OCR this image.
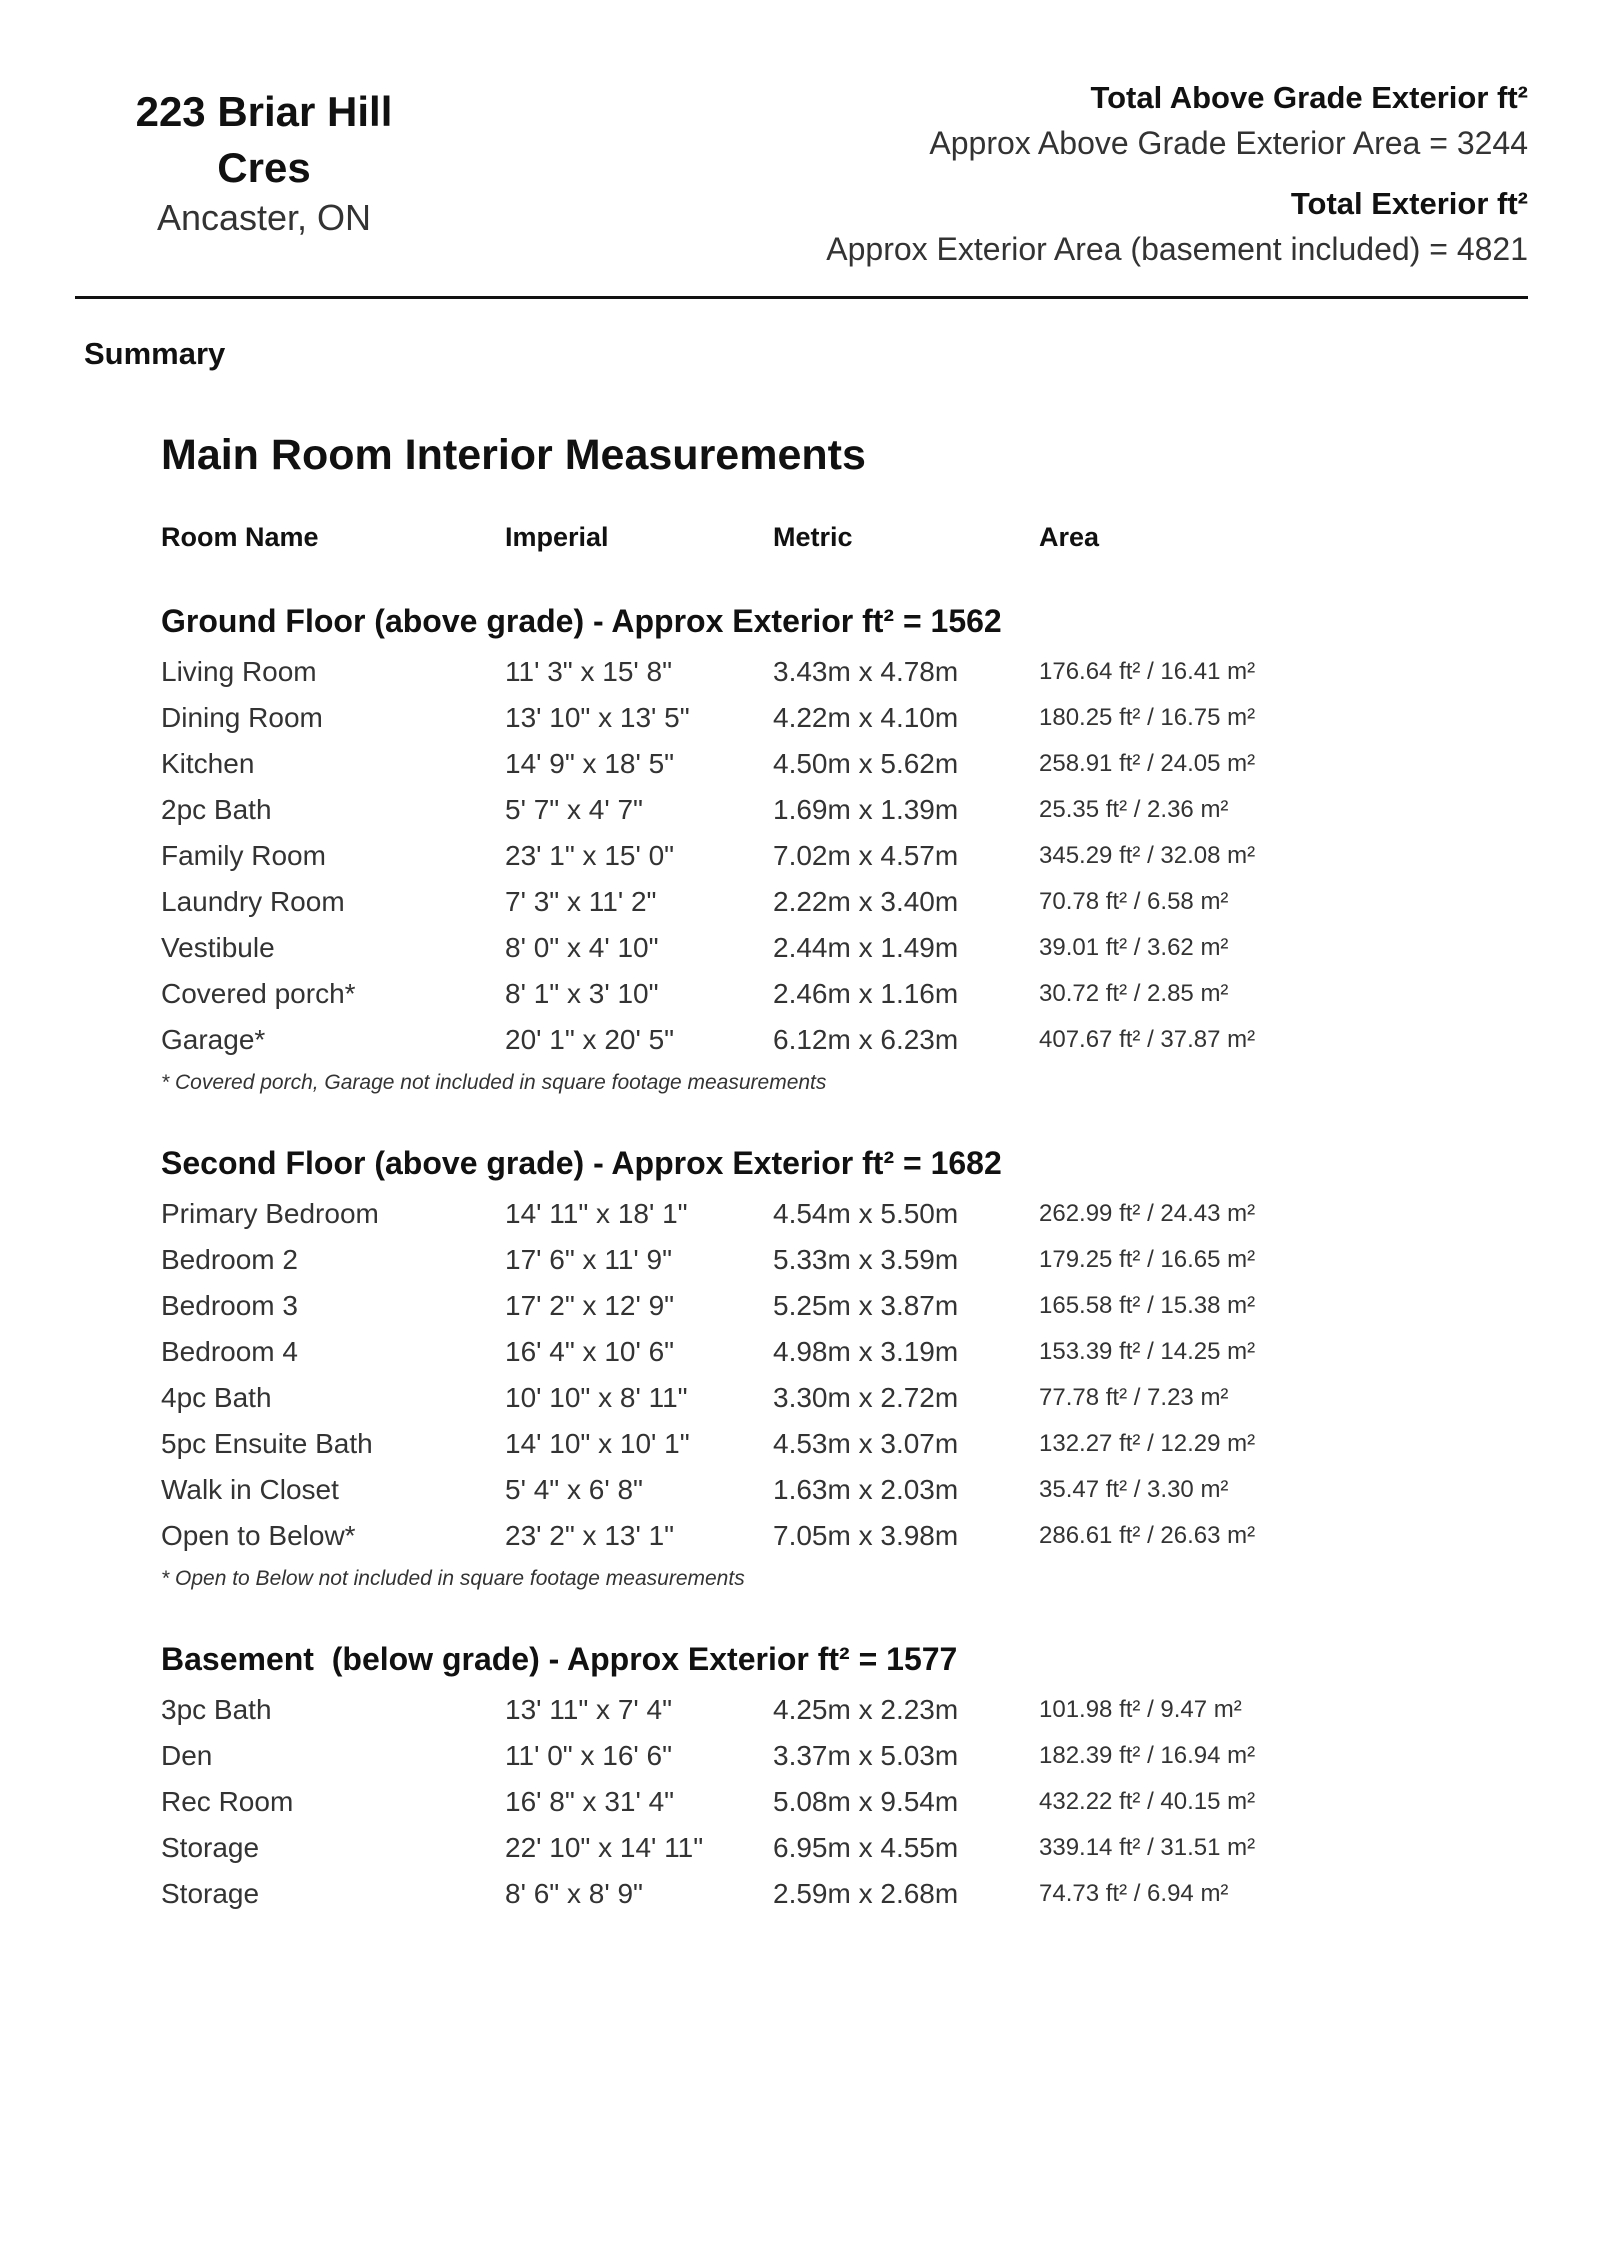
223 Briar Hill Cres
Ancaster, ON
Total Above Grade Exterior ft²
Approx Above Grade Exterior Area = 3244
Total Exterior ft²
Approx Exterior Area (basement included) = 4821
Summary
Main Room Interior Measurements
Room Name	Imperial	Metric	Area
Ground Floor (above grade) - Approx Exterior ft² = 1562
Living Room	11' 3" x 15' 8"	3.43m x 4.78m	176.64 ft² / 16.41 m²
Dining Room	13' 10" x 13' 5"	4.22m x 4.10m	180.25 ft² / 16.75 m²
Kitchen	14' 9" x 18' 5"	4.50m x 5.62m	258.91 ft² / 24.05 m²
2pc Bath	5' 7" x 4' 7"	1.69m x 1.39m	25.35 ft² / 2.36 m²
Family Room	23' 1" x 15' 0"	7.02m x 4.57m	345.29 ft² / 32.08 m²
Laundry Room	7' 3" x 11' 2"	2.22m x 3.40m	70.78 ft² / 6.58 m²
Vestibule	8' 0" x 4' 10"	2.44m x 1.49m	39.01 ft² / 3.62 m²
Covered porch*	8' 1" x 3' 10"	2.46m x 1.16m	30.72 ft² / 2.85 m²
Garage*	20' 1" x 20' 5"	6.12m x 6.23m	407.67 ft² / 37.87 m²
* Covered porch, Garage not included in square footage measurements
Second Floor (above grade) - Approx Exterior ft² = 1682
Primary Bedroom	14' 11" x 18' 1"	4.54m x 5.50m	262.99 ft² / 24.43 m²
Bedroom 2	17' 6" x 11' 9"	5.33m x 3.59m	179.25 ft² / 16.65 m²
Bedroom 3	17' 2" x 12' 9"	5.25m x 3.87m	165.58 ft² / 15.38 m²
Bedroom 4	16' 4" x 10' 6"	4.98m x 3.19m	153.39 ft² / 14.25 m²
4pc Bath	10' 10" x 8' 11"	3.30m x 2.72m	77.78 ft² / 7.23 m²
5pc Ensuite Bath	14' 10" x 10' 1"	4.53m x 3.07m	132.27 ft² / 12.29 m²
Walk in Closet	5' 4" x 6' 8"	1.63m x 2.03m	35.47 ft² / 3.30 m²
Open to Below*	23' 2" x 13' 1"	7.05m x 3.98m	286.61 ft² / 26.63 m²
* Open to Below not included in square footage measurements
Basement  (below grade) - Approx Exterior ft² = 1577
3pc Bath	13' 11" x 7' 4"	4.25m x 2.23m	101.98 ft² / 9.47 m²
Den	11' 0" x 16' 6"	3.37m x 5.03m	182.39 ft² / 16.94 m²
Rec Room	16' 8" x 31' 4"	5.08m x 9.54m	432.22 ft² / 40.15 m²
Storage	22' 10" x 14' 11"	6.95m x 4.55m	339.14 ft² / 31.51 m²
Storage	8' 6" x 8' 9"	2.59m x 2.68m	74.73 ft² / 6.94 m²
